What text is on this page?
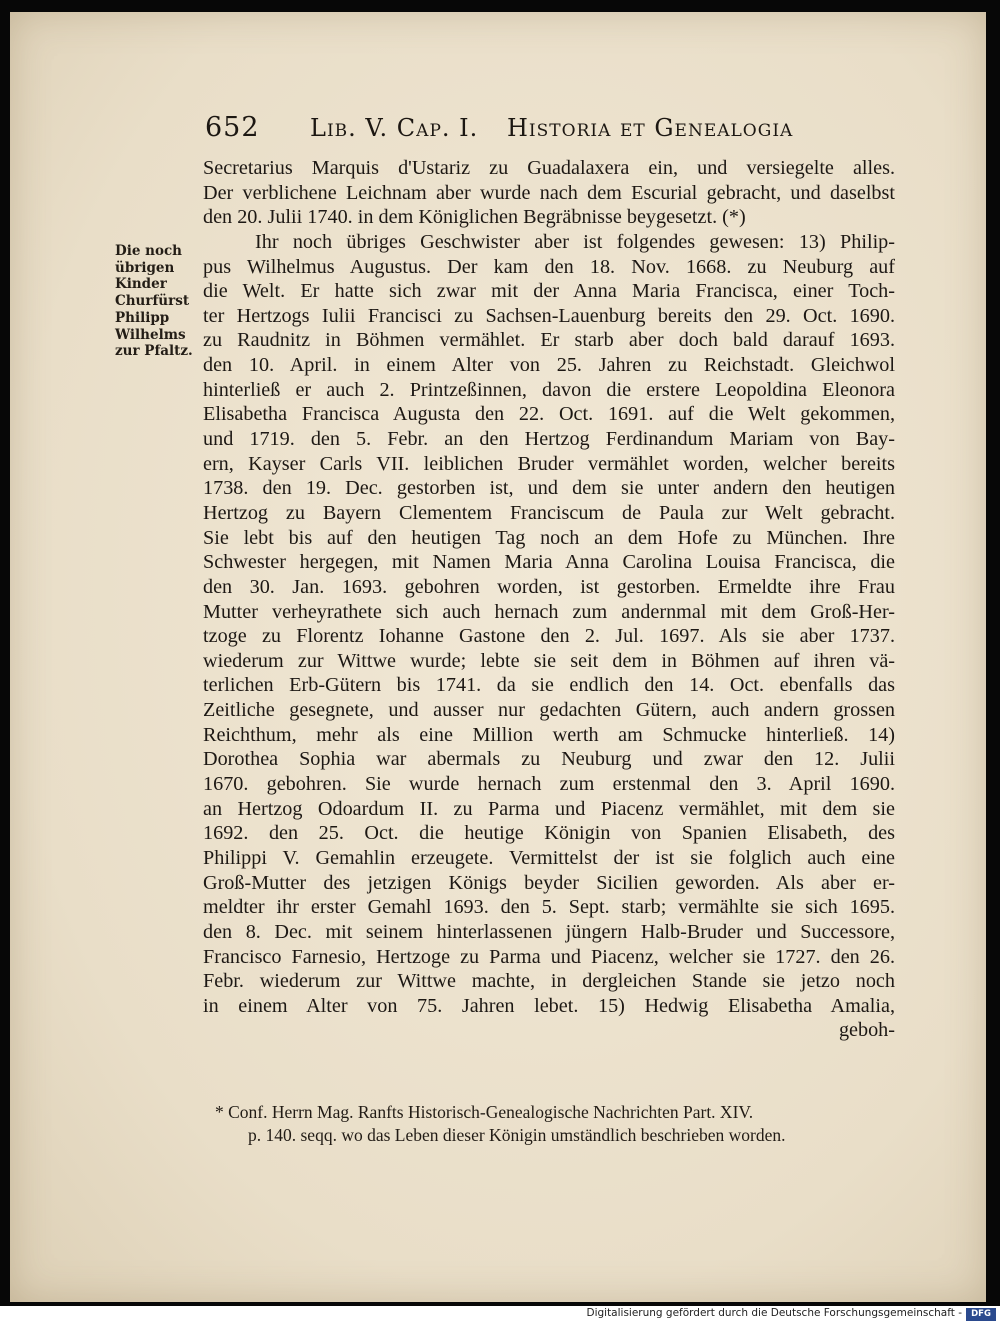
652 Lib. V. Cap. I. Historia et Genealogia
Die noch
übrigen
Kinder
Churfürst
Philipp
Wilhelms
zur Pfaltz.
Secretarius Marquis d'Ustariz zu Guadalaxera ein, und versiegelte alles.
Der verblichene Leichnam aber wurde nach dem Escurial gebracht, und daselbst
den 20. Julii 1740. in dem Königlichen Begräbnisse beygesetzt. (*)
Ihr noch übriges Geschwister aber ist folgendes gewesen: 13) Philip-
pus Wilhelmus Augustus. Der kam den 18. Nov. 1668. zu Neuburg auf
die Welt. Er hatte sich zwar mit der Anna Maria Francisca, einer Toch-
ter Hertzogs Iulii Francisci zu Sachsen-Lauenburg bereits den 29. Oct. 1690.
zu Raudnitz in Böhmen vermählet. Er starb aber doch bald darauf 1693.
den 10. April. in einem Alter von 25. Jahren zu Reichstadt. Gleichwol
hinterließ er auch 2. Printzeßinnen, davon die erstere Leopoldina Eleonora
Elisabetha Francisca Augusta den 22. Oct. 1691. auf die Welt gekommen,
und 1719. den 5. Febr. an den Hertzog Ferdinandum Mariam von Bay-
ern, Kayser Carls VII. leiblichen Bruder vermählet worden, welcher bereits
1738. den 19. Dec. gestorben ist, und dem sie unter andern den heutigen
Hertzog zu Bayern Clementem Franciscum de Paula zur Welt gebracht.
Sie lebt bis auf den heutigen Tag noch an dem Hofe zu München. Ihre
Schwester hergegen, mit Namen Maria Anna Carolina Louisa Francisca, die
den 30. Jan. 1693. gebohren worden, ist gestorben. Ermeldte ihre Frau
Mutter verheyrathete sich auch hernach zum andernmal mit dem Groß-Her-
tzoge zu Florentz Iohanne Gastone den 2. Jul. 1697. Als sie aber 1737.
wiederum zur Wittwe wurde; lebte sie seit dem in Böhmen auf ihren vä-
terlichen Erb-Gütern bis 1741. da sie endlich den 14. Oct. ebenfalls das
Zeitliche gesegnete, und ausser nur gedachten Gütern, auch andern grossen
Reichthum, mehr als eine Million werth am Schmucke hinterließ. 14)
Dorothea Sophia war abermals zu Neuburg und zwar den 12. Julii
1670. gebohren. Sie wurde hernach zum erstenmal den 3. April 1690.
an Hertzog Odoardum II. zu Parma und Piacenz vermählet, mit dem sie
1692. den 25. Oct. die heutige Königin von Spanien Elisabeth, des
Philippi V. Gemahlin erzeugete. Vermittelst der ist sie folglich auch eine
Groß-Mutter des jetzigen Königs beyder Sicilien geworden. Als aber er-
meldter ihr erster Gemahl 1693. den 5. Sept. starb; vermählte sie sich 1695.
den 8. Dec. mit seinem hinterlassenen jüngern Halb-Bruder und Successore,
Francisco Farnesio, Hertzoge zu Parma und Piacenz, welcher sie 1727. den 26.
Febr. wiederum zur Wittwe machte, in dergleichen Stande sie jetzo noch
in einem Alter von 75. Jahren lebet. 15) Hedwig Elisabetha Amalia,
geboh-
* Conf. Herrn Mag. Ranfts Historisch-Genealogische Nachrichten Part. XIV.
p. 140. seqq. wo das Leben dieser Königin umständlich beschrieben worden.
Digitalisierung gefördert durch die Deutsche Forschungsgemeinschaft -	DFG
